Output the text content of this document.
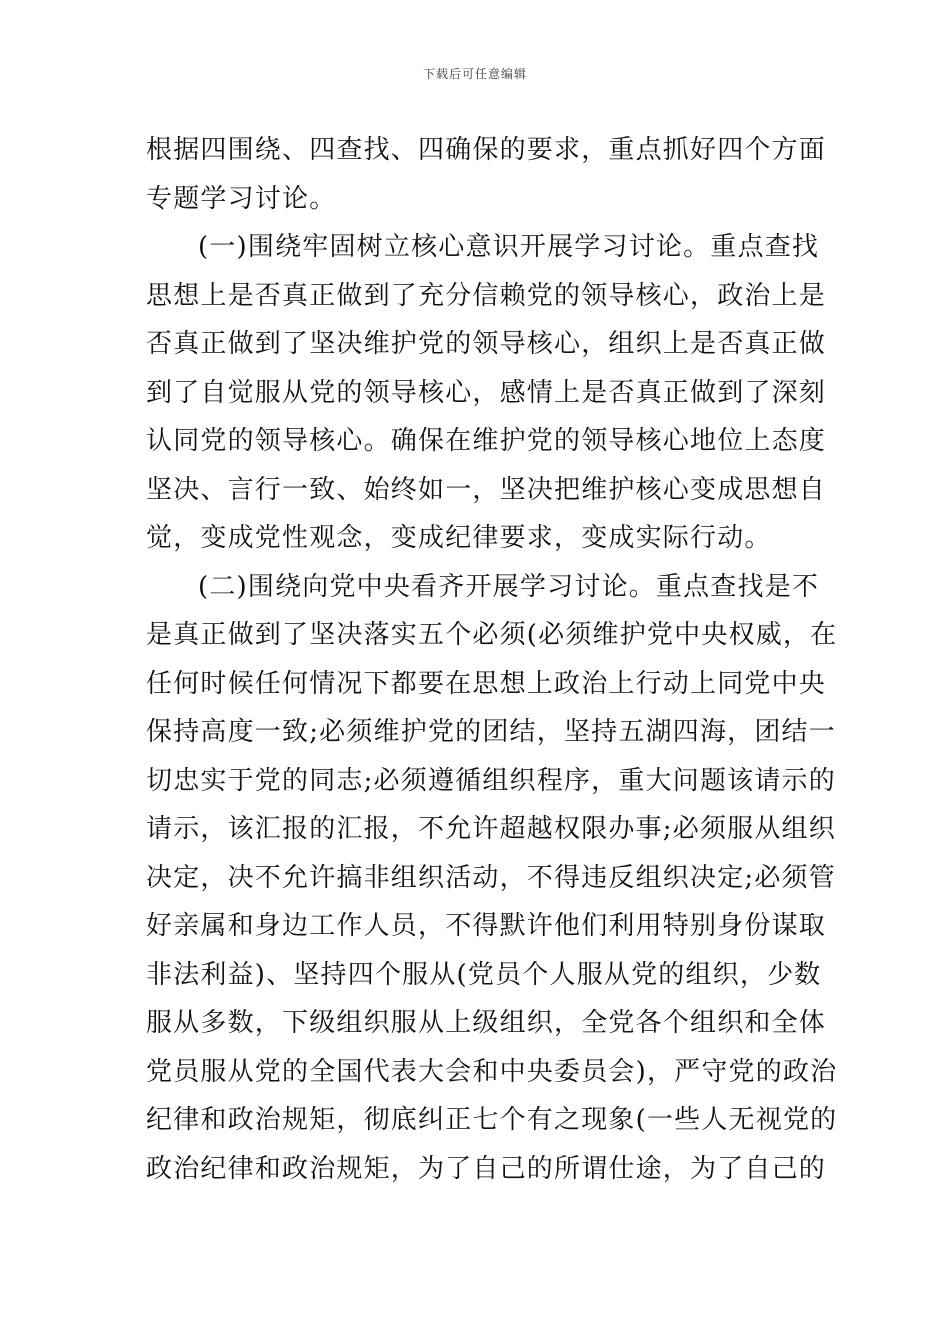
下载后可任意编辑
根据四围绕、四查找、四确保的要求，重点抓好四个方面
专题学习讨论。
(一)围绕牢固树立核心意识开展学习讨论。重点查找
思想上是否真正做到了充分信赖党的领导核心，政治上是
否真正做到了坚决维护党的领导核心，组织上是否真正做
到了自觉服从党的领导核心，感情上是否真正做到了深刻
认同党的领导核心。确保在维护党的领导核心地位上态度
坚决、言行一致、始终如一，坚决把维护核心变成思想自
觉，变成党性观念，变成纪律要求，变成实际行动。
(二)围绕向党中央看齐开展学习讨论。重点查找是不
是真正做到了坚决落实五个必须(必须维护党中央权威，在
任何时候任何情况下都要在思想上政治上行动上同党中央
保持高度一致;必须维护党的团结，坚持五湖四海，团结一
切忠实于党的同志;必须遵循组织程序，重大问题该请示的
请示，该汇报的汇报，不允许超越权限办事;必须服从组织
决定，决不允许搞非组织活动，不得违反组织决定;必须管
好亲属和身边工作人员，不得默许他们利用特别身份谋取
非法利益)、坚持四个服从(党员个人服从党的组织，少数
服从多数，下级组织服从上级组织，全党各个组织和全体
党员服从党的全国代表大会和中央委员会)，严守党的政治
纪律和政治规矩，彻底纠正七个有之现象(一些人无视党的
政治纪律和政治规矩，为了自己的所谓仕途，为了自己的
